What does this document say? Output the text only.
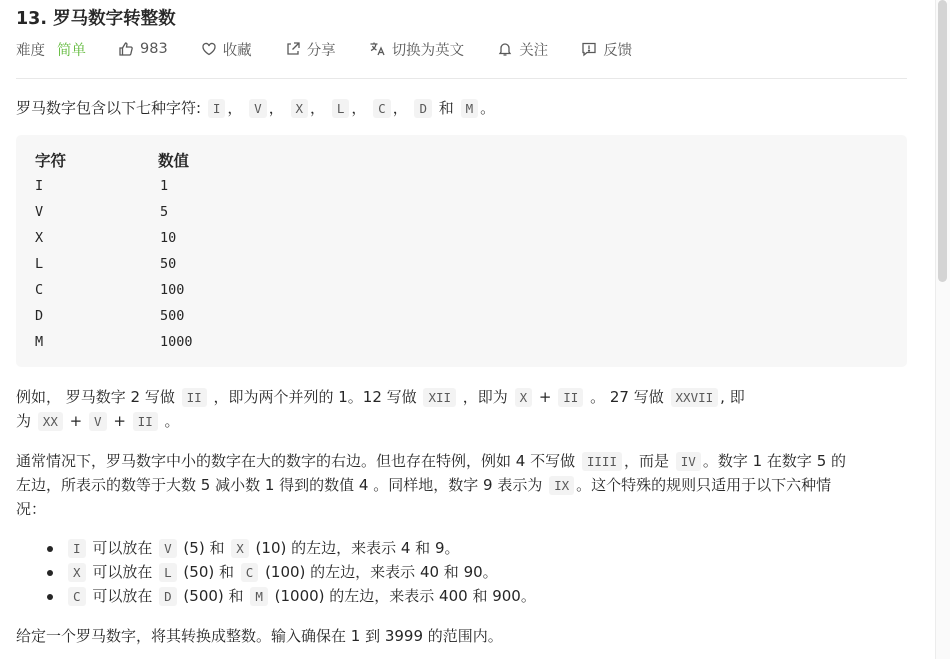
13. 罗马数字转整数
难度 简单	983	收藏	分享	切换为英文	关注	反馈

罗马数字包含以下七种字符: I ， V ， X ， L ， C ， D 和 M 。

字符	数值
I	1
V	5
X	10
L	50
C	100
D	500
M	1000

例如， 罗马数字 2 写做 II ，即为两个并列的 1。12 写做 XII ，即为 X + II 。 27 写做 XXVII , 即

为 XX + V + II 。

通常情况下，罗马数字中小的数字在大的数字的右边。但也存在特例，例如 4 不写做 IIII ，而是 IV 。数字 1 在数字 5 的

左边，所表示的数等于大数 5 减小数 1 得到的数值 4 。同样地，数字 9 表示为 IX 。这个特殊的规则只适用于以下六种情

况：

I 可以放在 V (5) 和 X (10) 的左边，来表示 4 和 9。
X 可以放在 L (50) 和 C (100) 的左边，来表示 40 和 90。
C 可以放在 D (500) 和 M (1000) 的左边，来表示 400 和 900。

给定一个罗马数字，将其转换成整数。输入确保在 1 到 3999 的范围内。
